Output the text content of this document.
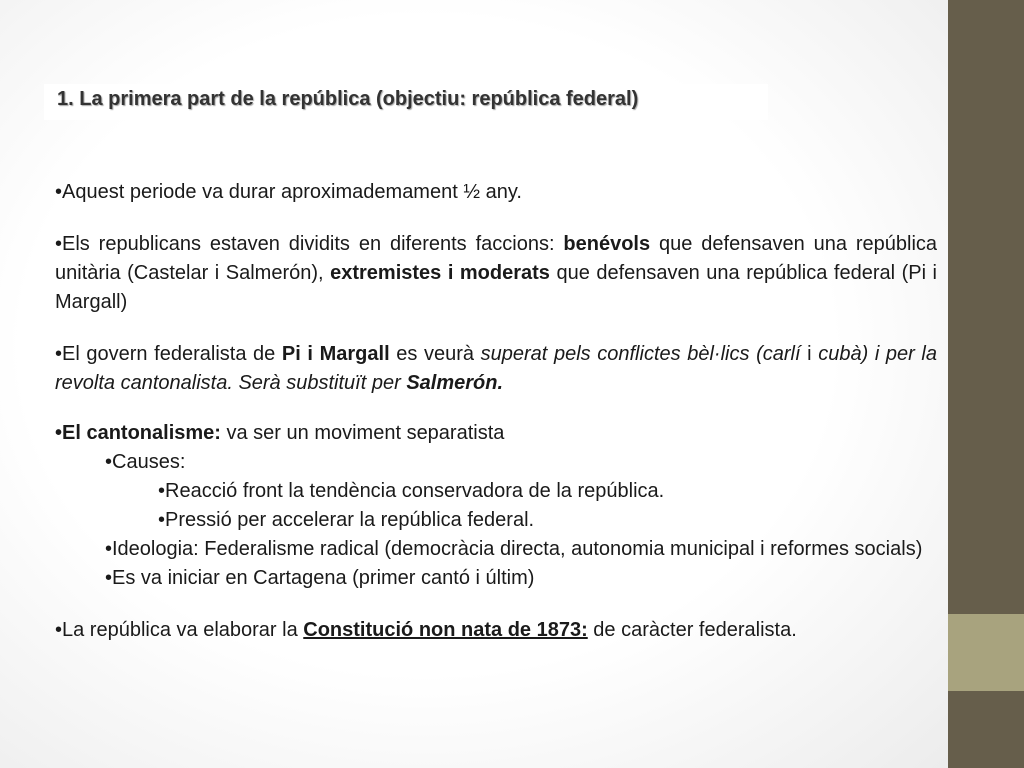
1. La primera part de la república (objectiu: república federal)

•Aquest periode va durar aproximademament ½ any.

•Els republicans estaven dividits en diferents faccions: benévols que defensaven una república unitària (Castelar i Salmerón), extremistes i moderats que defensaven una república federal (Pi i Margall)

•El govern federalista de Pi i Margall es veurà superat pels conflictes bèl·lics (carlí i cubà) i per la revolta cantonalista. Serà substituït per Salmerón.

•El cantonalisme: va ser un moviment separatista

•Causes:

•Reacció front la tendència conservadora de la república.

•Pressió per accelerar la república federal.

•Ideologia: Federalisme radical (democràcia directa, autonomia municipal i reformes socials)

•Es va iniciar en Cartagena (primer cantó i últim)

•La república va elaborar la Constitució non nata de 1873: de caràcter federalista.
